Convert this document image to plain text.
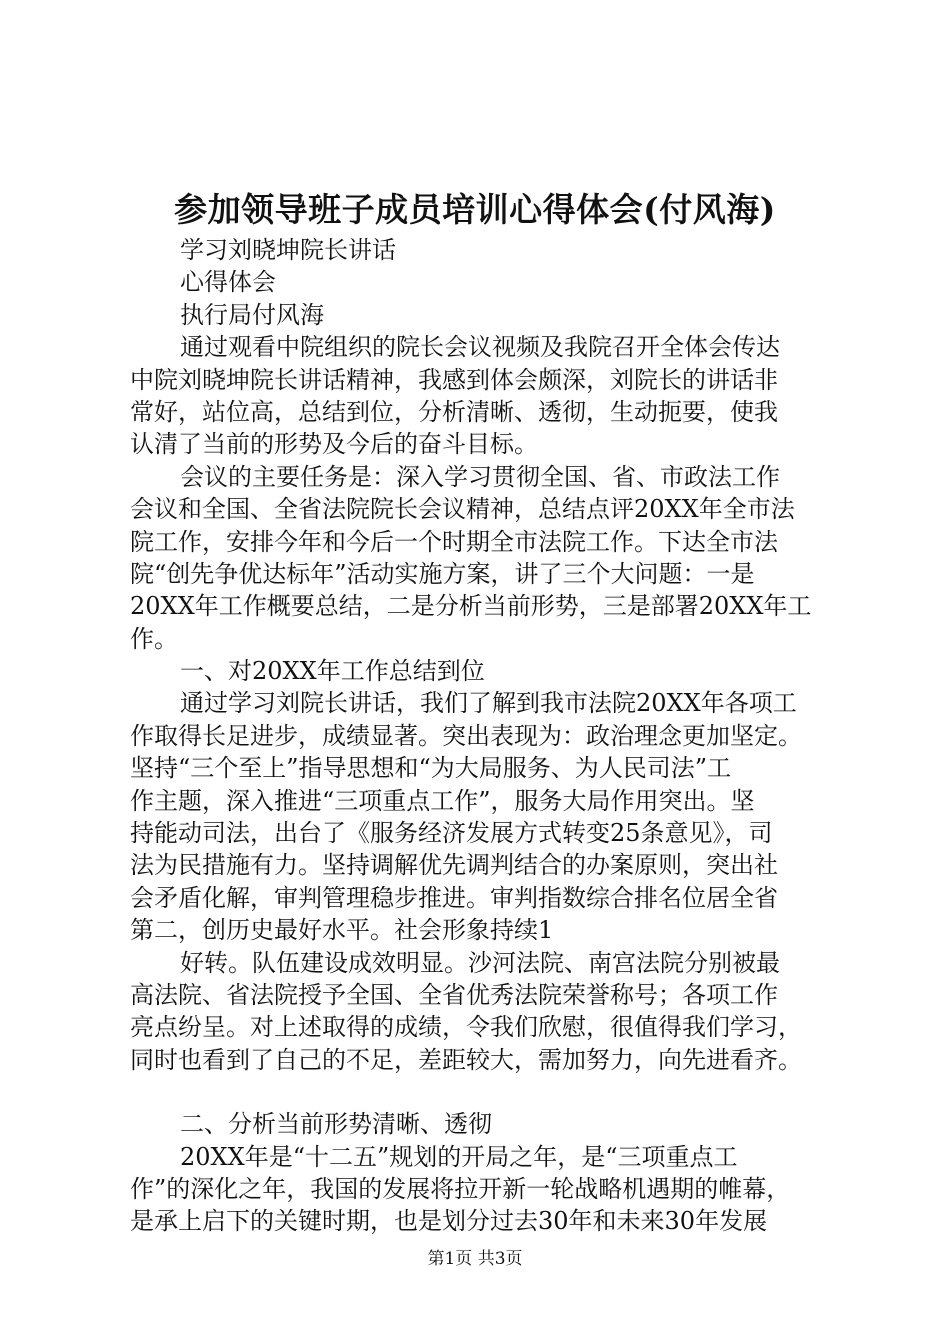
参加领导班子成员培训心得体会(付风海)
学习刘晓坤院长讲话
心得体会
执行局付风海
通过观看中院组织的院长会议视频及我院召开全体会传达
中院刘晓坤院长讲话精神，我感到体会颇深，刘院长的讲话非
常好，站位高，总结到位，分析清晰、透彻，生动扼要，使我
认清了当前的形势及今后的奋斗目标。
会议的主要任务是：深入学习贯彻全国、省、市政法工作
会议和全国、全省法院院长会议精神，总结点评20XX年全市法
院工作，安排今年和今后一个时期全市法院工作。下达全市法
院“创先争优达标年”活动实施方案，讲了三个大问题：一是
20XX年工作概要总结，二是分析当前形势，三是部署20XX年工
作。
一、对20XX年工作总结到位
通过学习刘院长讲话，我们了解到我市法院20XX年各项工
作取得长足进步，成绩显著。突出表现为：政治理念更加坚定。
坚持“三个至上”指导思想和“为大局服务、为人民司法”工
作主题，深入推进“三项重点工作”，服务大局作用突出。坚
持能动司法，出台了《服务经济发展方式转变25条意见》，司
法为民措施有力。坚持调解优先调判结合的办案原则，突出社
会矛盾化解，审判管理稳步推进。审判指数综合排名位居全省
第二，创历史最好水平。社会形象持续1
好转。队伍建设成效明显。沙河法院、南宫法院分别被最
高法院、省法院授予全国、全省优秀法院荣誉称号；各项工作
亮点纷呈。对上述取得的成绩，令我们欣慰，很值得我们学习，
同时也看到了自己的不足，差距较大，需加努力，向先进看齐。
二、分析当前形势清晰、透彻
20XX年是“十二五”规划的开局之年，是“三项重点工
作”的深化之年，我国的发展将拉开新一轮战略机遇期的帷幕，
是承上启下的关键时期，也是划分过去30年和未来30年发展
第1页 共3页
